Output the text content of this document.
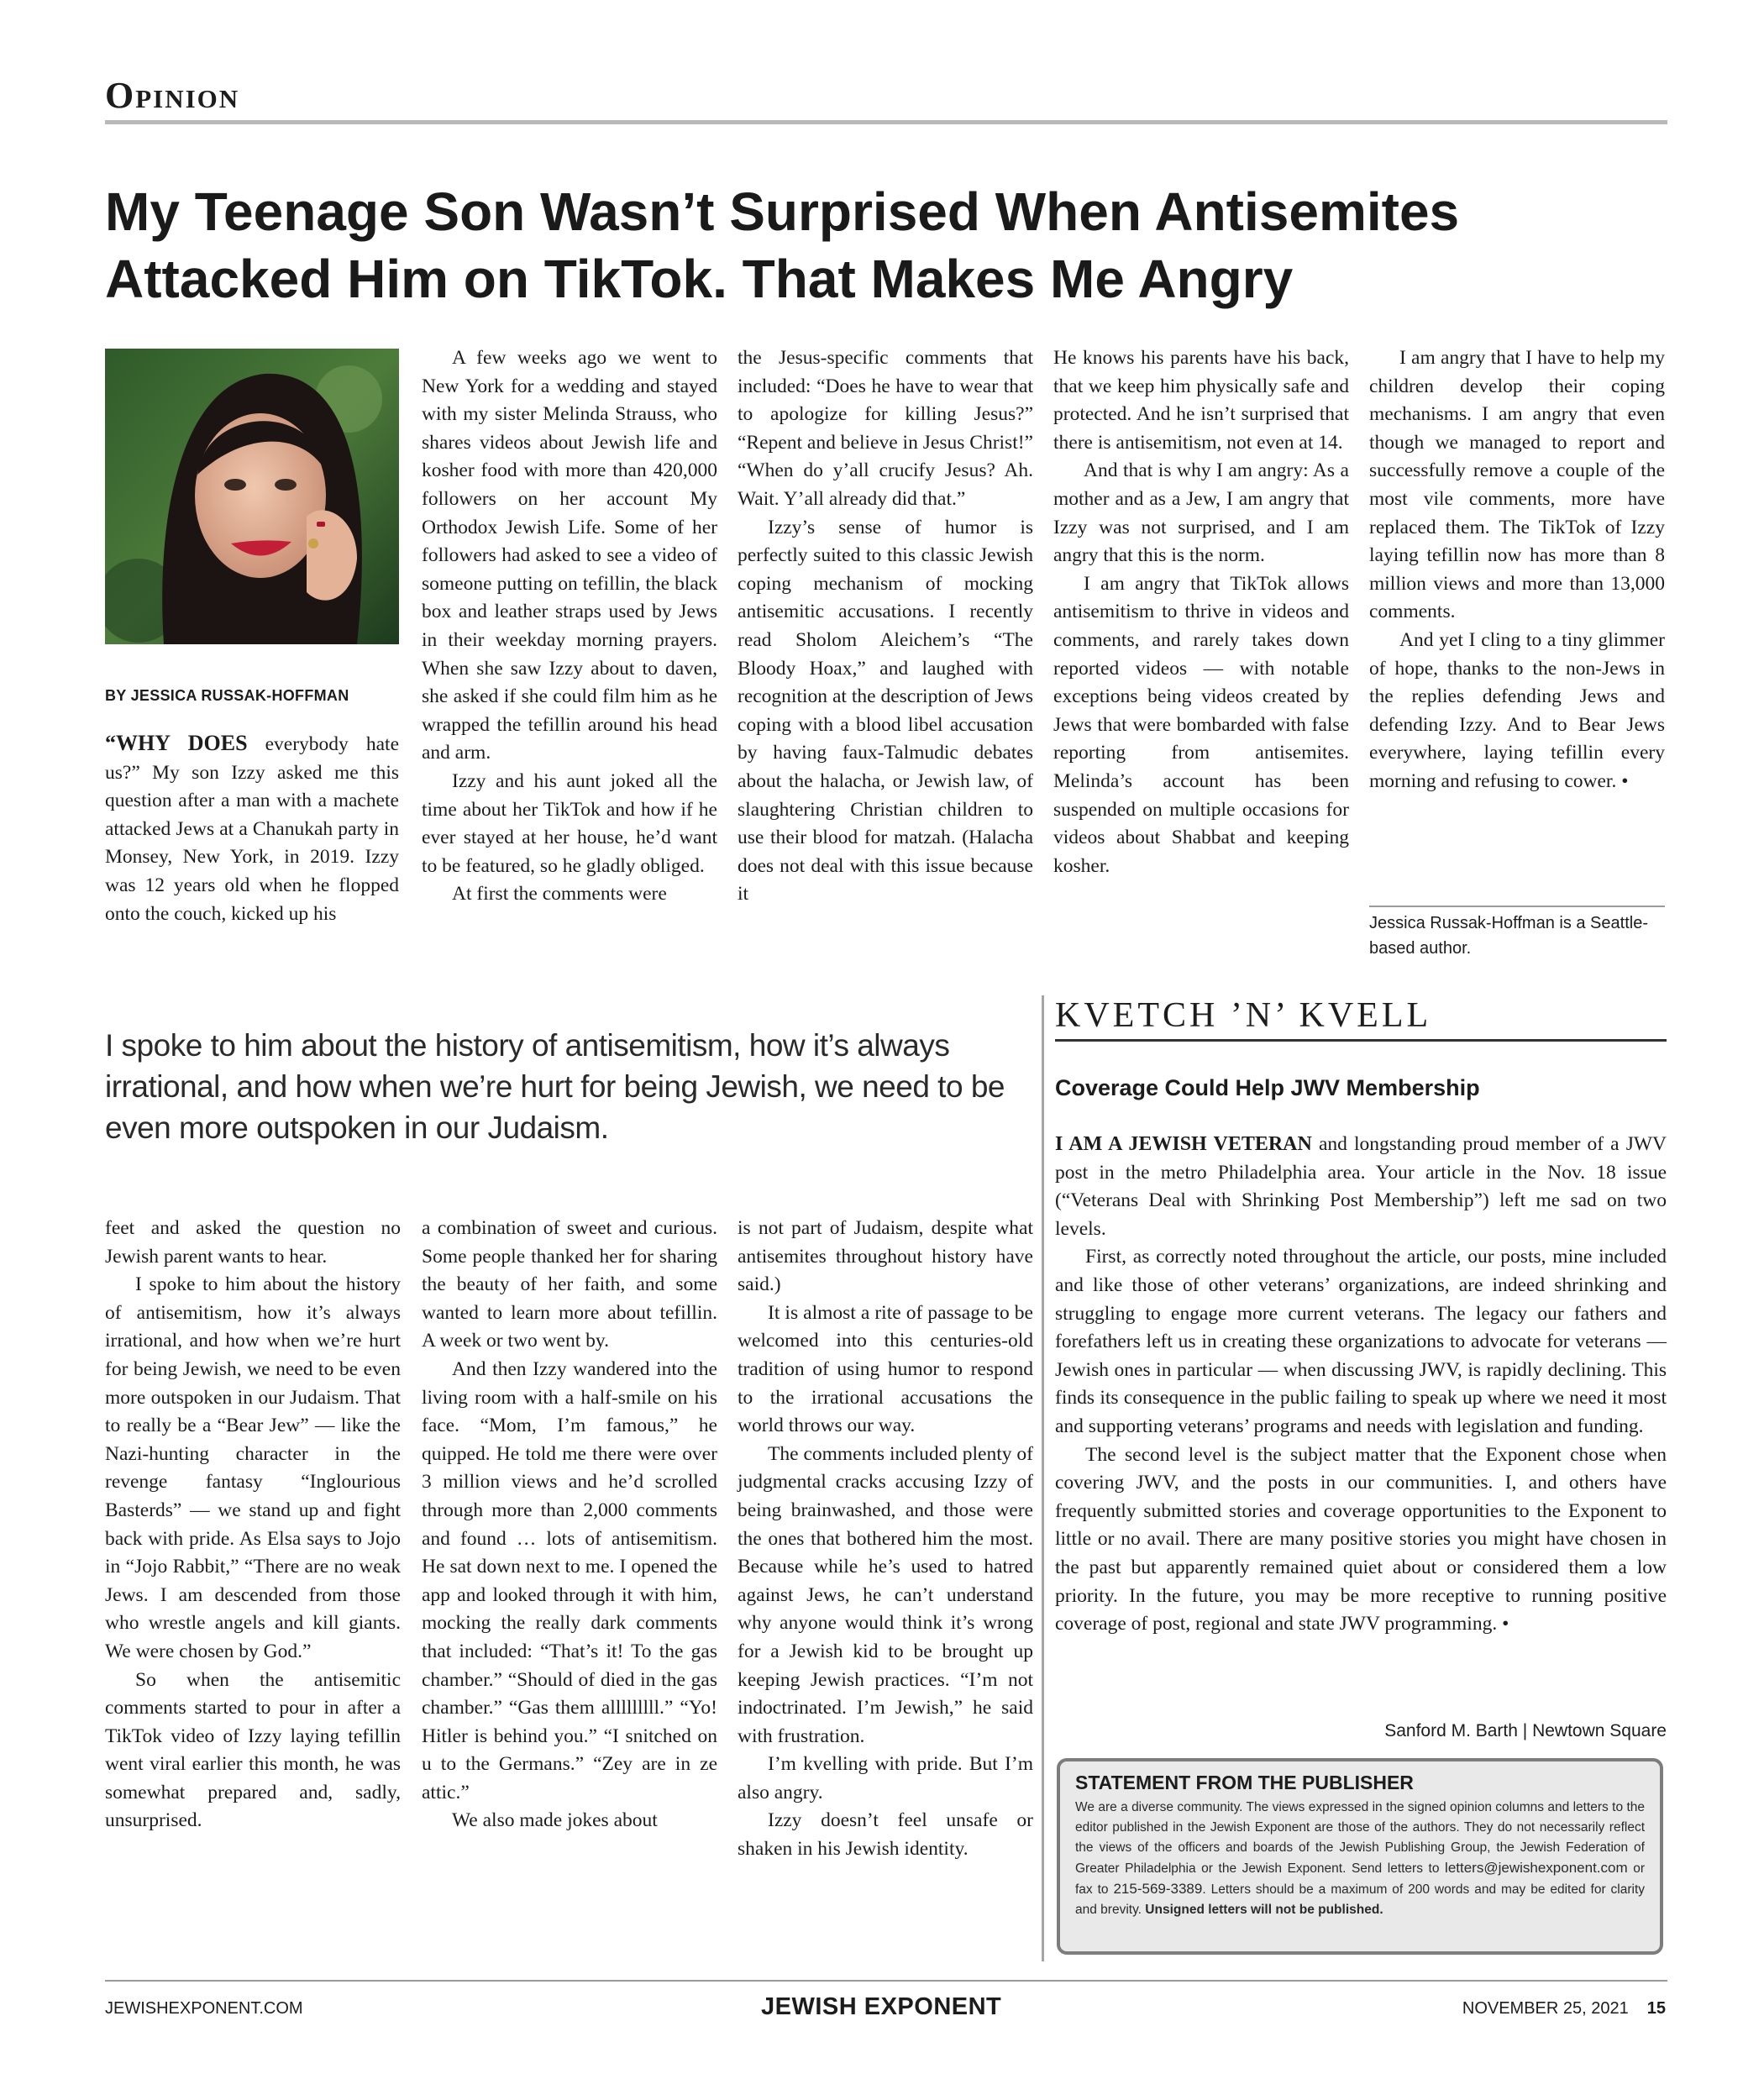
Opinion
My Teenage Son Wasn’t Surprised When Antisemites
Attacked Him on TikTok. That Makes Me Angry
BY JESSICA RUSSAK-HOFFMAN

“WHY DOES everybody hate us?” My son Izzy asked me this question after a man with a machete attacked Jews at a Chanukah party in Monsey, New York, in 2019. Izzy was 12 years old when he flopped onto the couch, kicked up his

A few weeks ago we went to New York for a wedding and stayed with my sister Melinda Strauss, who shares videos about Jewish life and kosher food with more than 420,000 followers on her account My Orthodox Jewish Life. Some of her followers had asked to see a video of someone putting on tefillin, the black box and leather straps used by Jews in their weekday morning prayers. When she saw Izzy about to daven, she asked if she could film him as he wrapped the tefillin around his head and arm.

Izzy and his aunt joked all the time about her TikTok and how if he ever stayed at her house, he’d want to be featured, so he gladly obliged.

At first the comments were

the Jesus-specific comments that included: “Does he have to wear that to apologize for killing Jesus?” “Repent and believe in Jesus Christ!” “When do y’all crucify Jesus? Ah. Wait. Y’all already did that.”

Izzy’s sense of humor is perfectly suited to this classic Jewish coping mechanism of mocking antisemitic accusations. I recently read Sholom Aleichem’s “The Bloody Hoax,” and laughed with recognition at the description of Jews coping with a blood libel accusation by having faux-Talmudic debates about the halacha, or Jewish law, of slaughtering Christian children to use their blood for matzah. (Halacha does not deal with this issue because it

He knows his parents have his back, that we keep him physically safe and protected. And he isn’t surprised that there is antisemitism, not even at 14.

And that is why I am angry: As a mother and as a Jew, I am angry that Izzy was not surprised, and I am angry that this is the norm.

I am angry that TikTok allows antisemitism to thrive in videos and comments, and rarely takes down reported videos — with notable exceptions being videos created by Jews that were bombarded with false reporting from antisemites. Melinda’s account has been suspended on multiple occasions for videos about Shabbat and keeping kosher.

I am angry that I have to help my children develop their coping mechanisms. I am angry that even though we managed to report and successfully remove a couple of the most vile comments, more have replaced them. The TikTok of Izzy laying tefillin now has more than 8 million views and more than 13,000 comments.

And yet I cling to a tiny glimmer of hope, thanks to the non-Jews in the replies defending Jews and defending Izzy. And to Bear Jews everywhere, laying tefillin every morning and refusing to cower. •

Jessica Russak-Hoffman is a Seattle-based author.
I spoke to him about the history of antisemitism, how it’s always irrational, and how when we’re hurt for being Jewish, we need to be even more outspoken in our Judaism.

feet and asked the question no Jewish parent wants to hear.

I spoke to him about the history of antisemitism, how it’s always irrational, and how when we’re hurt for being Jewish, we need to be even more outspoken in our Judaism. That to really be a “Bear Jew” — like the Nazi-hunting character in the revenge fantasy “Inglourious Basterds” — we stand up and fight back with pride. As Elsa says to Jojo in “Jojo Rabbit,” “There are no weak Jews. I am descended from those who wrestle angels and kill giants. We were chosen by God.”

So when the antisemitic comments started to pour in after a TikTok video of Izzy laying tefillin went viral earlier this month, he was somewhat prepared and, sadly, unsurprised.

a combination of sweet and curious. Some people thanked her for sharing the beauty of her faith, and some wanted to learn more about tefillin. A week or two went by.

And then Izzy wandered into the living room with a half-smile on his face. “Mom, I’m famous,” he quipped. He told me there were over 3 million views and he’d scrolled through more than 2,000 comments and found … lots of antisemitism. He sat down next to me. I opened the app and looked through it with him, mocking the really dark comments that included: “That’s it! To the gas chamber.” “Should of died in the gas chamber.” “Gas them alllllllll.” “Yo! Hitler is behind you.” “I snitched on u to the Germans.” “Zey are in ze attic.”

We also made jokes about

is not part of Judaism, despite what antisemites throughout history have said.)

It is almost a rite of passage to be welcomed into this centuries-old tradition of using humor to respond to the irrational accusations the world throws our way.

The comments included plenty of judgmental cracks accusing Izzy of being brainwashed, and those were the ones that bothered him the most. Because while he’s used to hatred against Jews, he can’t understand why anyone would think it’s wrong for a Jewish kid to be brought up keeping Jewish practices. “I’m not indoctrinated. I’m Jewish,” he said with frustration.

I’m kvelling with pride. But I’m also angry.

Izzy doesn’t feel unsafe or shaken in his Jewish identity.

KVETCH ’N’ KVELL
Coverage Could Help JWV Membership

I AM A JEWISH VETERAN and longstanding proud member of a JWV post in the metro Philadelphia area. Your article in the Nov. 18 issue (“Veterans Deal with Shrinking Post Membership”) left me sad on two levels.

First, as correctly noted throughout the article, our posts, mine included and like those of other veterans’ organizations, are indeed shrinking and struggling to engage more current veterans. The legacy our fathers and forefathers left us in creating these organizations to advocate for veterans — Jewish ones in particular — when discussing JWV, is rapidly declining. This finds its consequence in the public failing to speak up where we need it most and supporting veterans’ programs and needs with legislation and funding.

The second level is the subject matter that the Exponent chose when covering JWV, and the posts in our communities. I, and others have frequently submitted stories and coverage opportunities to the Exponent to little or no avail. There are many positive stories you might have chosen in the past but apparently remained quiet about or considered them a low priority. In the future, you may be more receptive to running positive coverage of post, regional and state JWV programming. •

Sanford M. Barth | Newtown Square
STATEMENT FROM THE PUBLISHER
We are a diverse community. The views expressed in the signed opinion columns and letters to the editor published in the Jewish Exponent are those of the authors. They do not necessarily reflect the views of the officers and boards of the Jewish Publishing Group, the Jewish Federation of Greater Philadelphia or the Jewish Exponent. Send letters to letters@jewishexponent.com or fax to 215-569-3389. Letters should be a maximum of 200 words and may be edited for clarity and brevity. Unsigned letters will not be published.
JEWISHEXPONENT.COM	JEWISH EXPONENT	NOVEMBER 25, 2021 15
